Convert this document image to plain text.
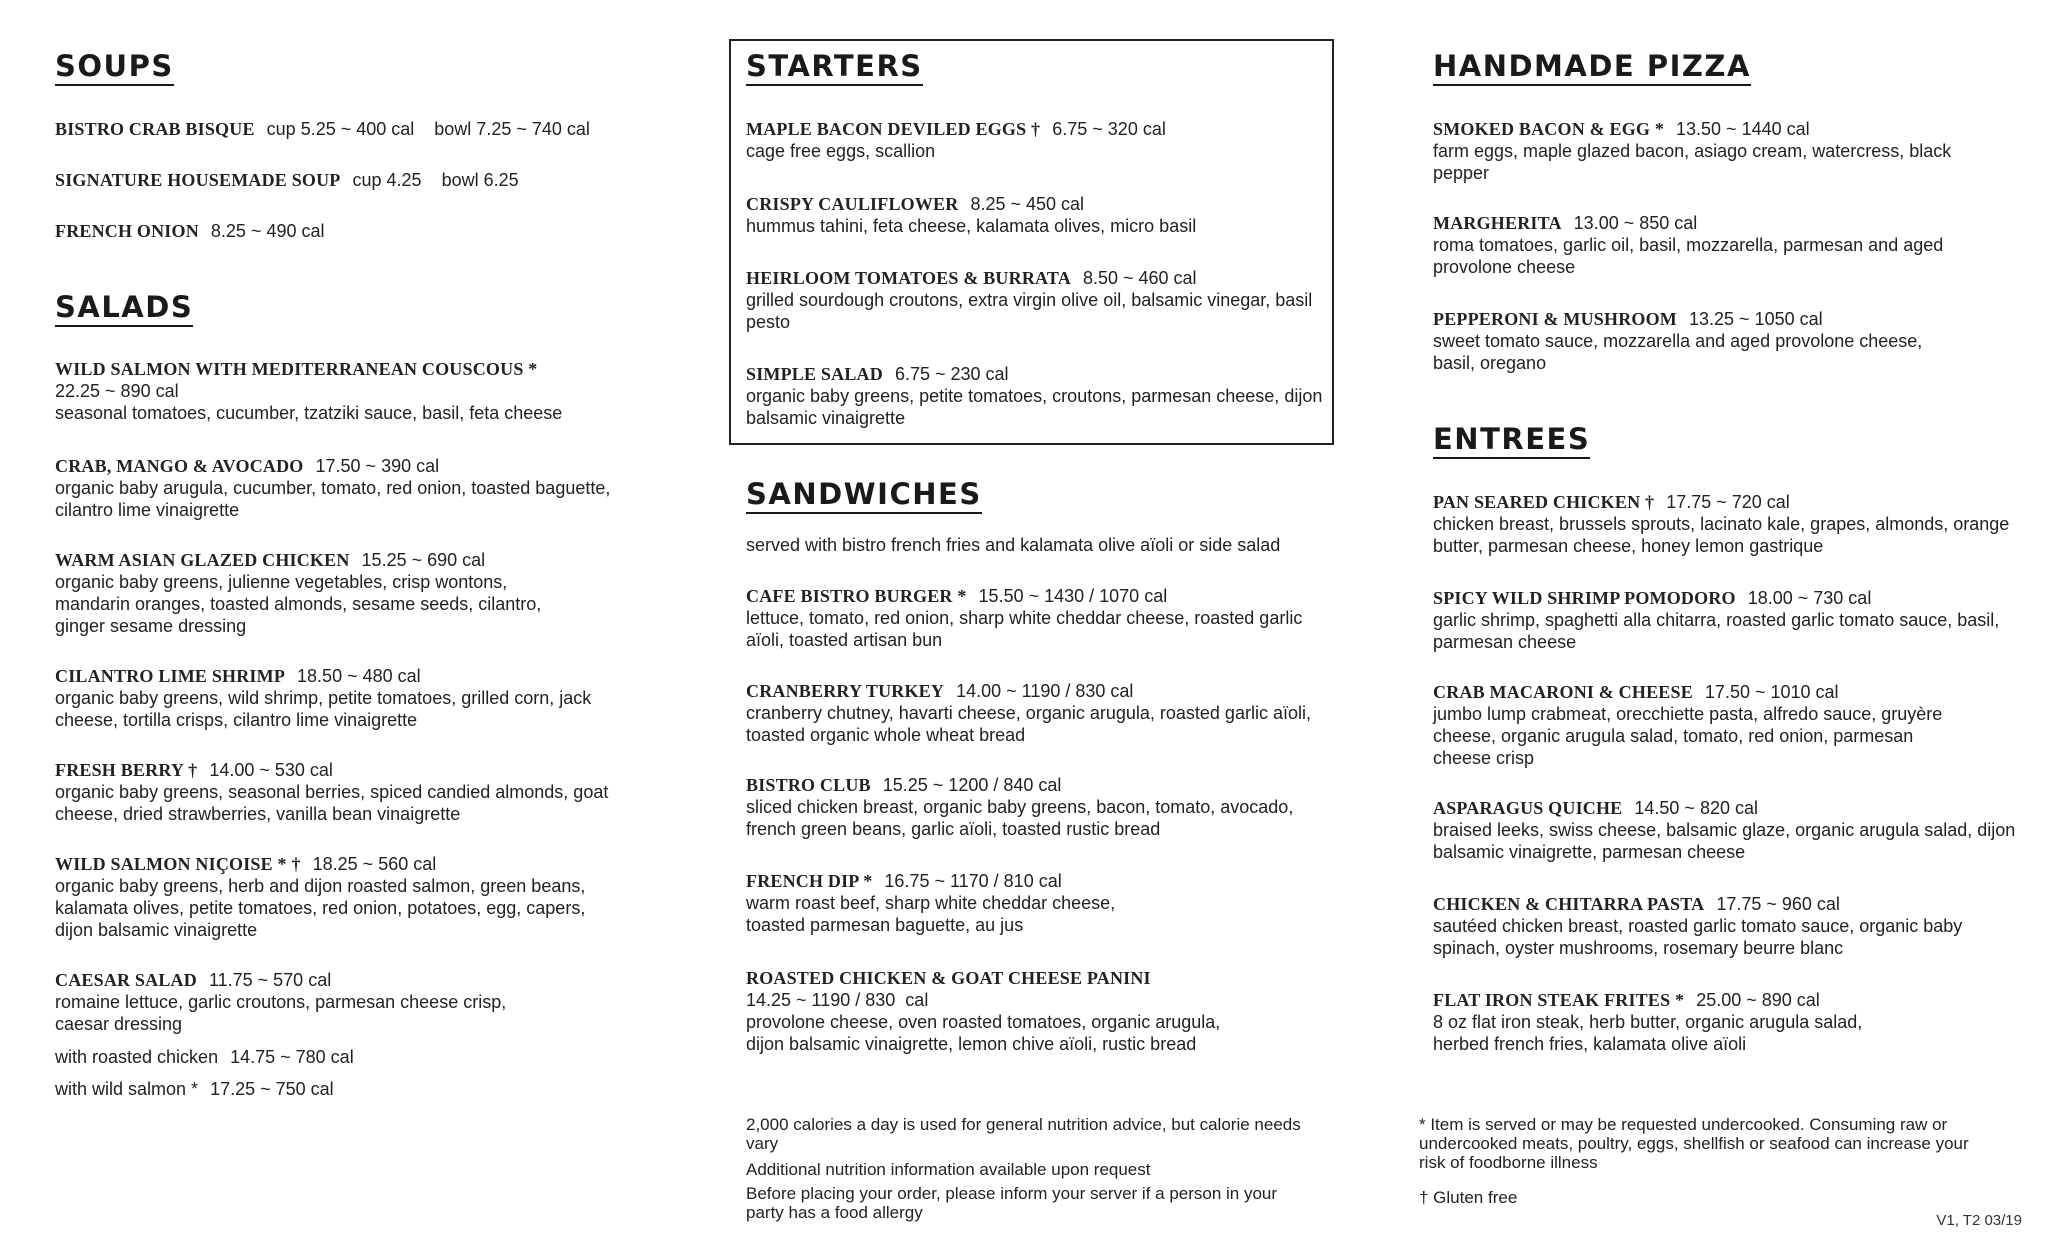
SOUPS
BISTRO CRAB BISQUE cup 5.25 ~ 400 cal    bowl 7.25 ~ 740 cal
SIGNATURE HOUSEMADE SOUP cup 4.25    bowl 6.25
FRENCH ONION 8.25 ~ 490 cal
SALADS
WILD SALMON WITH MEDITERRANEAN COUSCOUS *
22.25 ~ 890 cal
seasonal tomatoes, cucumber, tzatziki sauce, basil, feta cheese
CRAB, MANGO & AVOCADO 17.50 ~ 390 cal
organic baby arugula, cucumber, tomato, red onion, toasted baguette, cilantro lime vinaigrette
WARM ASIAN GLAZED CHICKEN 15.25 ~ 690 cal
organic baby greens, julienne vegetables, crisp wontons, mandarin oranges, toasted almonds, sesame seeds, cilantro, ginger sesame dressing
CILANTRO LIME SHRIMP 18.50 ~ 480 cal
organic baby greens, wild shrimp, petite tomatoes, grilled corn, jack cheese, tortilla crisps, cilantro lime vinaigrette
FRESH BERRY † 14.00 ~ 530 cal
organic baby greens, seasonal berries, spiced candied almonds, goat cheese, dried strawberries, vanilla bean vinaigrette
WILD SALMON NIÇOISE * † 18.25 ~ 560 cal
organic baby greens, herb and dijon roasted salmon, green beans, kalamata olives, petite tomatoes, red onion, potatoes, egg, capers, dijon balsamic vinaigrette
CAESAR SALAD 11.75 ~ 570 cal
romaine lettuce, garlic croutons, parmesan cheese crisp, caesar dressing
with roasted chicken 14.75 ~ 780 cal
with wild salmon * 17.25 ~ 750 cal
STARTERS
MAPLE BACON DEVILED EGGS † 6.75 ~ 320 cal
cage free eggs, scallion
CRISPY CAULIFLOWER 8.25 ~ 450 cal
hummus tahini, feta cheese, kalamata olives, micro basil
HEIRLOOM TOMATOES & BURRATA 8.50 ~ 460 cal
grilled sourdough croutons, extra virgin olive oil, balsamic vinegar, basil pesto
SIMPLE SALAD 6.75 ~ 230 cal
organic baby greens, petite tomatoes, croutons, parmesan cheese, dijon balsamic vinaigrette
SANDWICHES
served with bistro french fries and kalamata olive aïoli or side salad
CAFE BISTRO BURGER * 15.50 ~ 1430 / 1070 cal
lettuce, tomato, red onion, sharp white cheddar cheese, roasted garlic aïoli, toasted artisan bun
CRANBERRY TURKEY 14.00 ~ 1190 / 830 cal
cranberry chutney, havarti cheese, organic arugula, roasted garlic aïoli, toasted organic whole wheat bread
BISTRO CLUB 15.25 ~ 1200 / 840 cal
sliced chicken breast, organic baby greens, bacon, tomato, avocado, french green beans, garlic aïoli, toasted rustic bread
FRENCH DIP * 16.75 ~ 1170 / 810 cal
warm roast beef, sharp white cheddar cheese, toasted parmesan baguette, au jus
ROASTED CHICKEN & GOAT CHEESE PANINI
14.25 ~ 1190 / 830  cal
provolone cheese, oven roasted tomatoes, organic arugula, dijon balsamic vinaigrette, lemon chive aïoli, rustic bread
2,000 calories a day is used for general nutrition advice, but calorie needs vary
Additional nutrition information available upon request
Before placing your order, please inform your server if a person in your party has a food allergy
HANDMADE PIZZA
SMOKED BACON & EGG * 13.50 ~ 1440 cal
farm eggs, maple glazed bacon, asiago cream, watercress, black pepper
MARGHERITA 13.00 ~ 850 cal
roma tomatoes, garlic oil, basil, mozzarella, parmesan and aged provolone cheese
PEPPERONI & MUSHROOM 13.25 ~ 1050 cal
sweet tomato sauce, mozzarella and aged provolone cheese, basil, oregano
ENTREES
PAN SEARED CHICKEN † 17.75 ~ 720 cal
chicken breast, brussels sprouts, lacinato kale, grapes, almonds, orange butter, parmesan cheese, honey lemon gastrique
SPICY WILD SHRIMP POMODORO 18.00 ~ 730 cal
garlic shrimp, spaghetti alla chitarra, roasted garlic tomato sauce, basil, parmesan cheese
CRAB MACARONI & CHEESE 17.50 ~ 1010 cal
jumbo lump crabmeat, orecchiette pasta, alfredo sauce, gruyère cheese, organic arugula salad, tomato, red onion, parmesan cheese crisp
ASPARAGUS QUICHE 14.50 ~ 820 cal
braised leeks, swiss cheese, balsamic glaze, organic arugula salad, dijon balsamic vinaigrette, parmesan cheese
CHICKEN & CHITARRA PASTA 17.75 ~ 960 cal
sautéed chicken breast, roasted garlic tomato sauce, organic baby spinach, oyster mushrooms, rosemary beurre blanc
FLAT IRON STEAK FRITES * 25.00 ~ 890 cal
8 oz flat iron steak, herb butter, organic arugula salad, herbed french fries, kalamata olive aïoli
* Item is served or may be requested undercooked. Consuming raw or undercooked meats, poultry, eggs, shellfish or seafood can increase your risk of foodborne illness
† Gluten free
V1, T2 03/19
